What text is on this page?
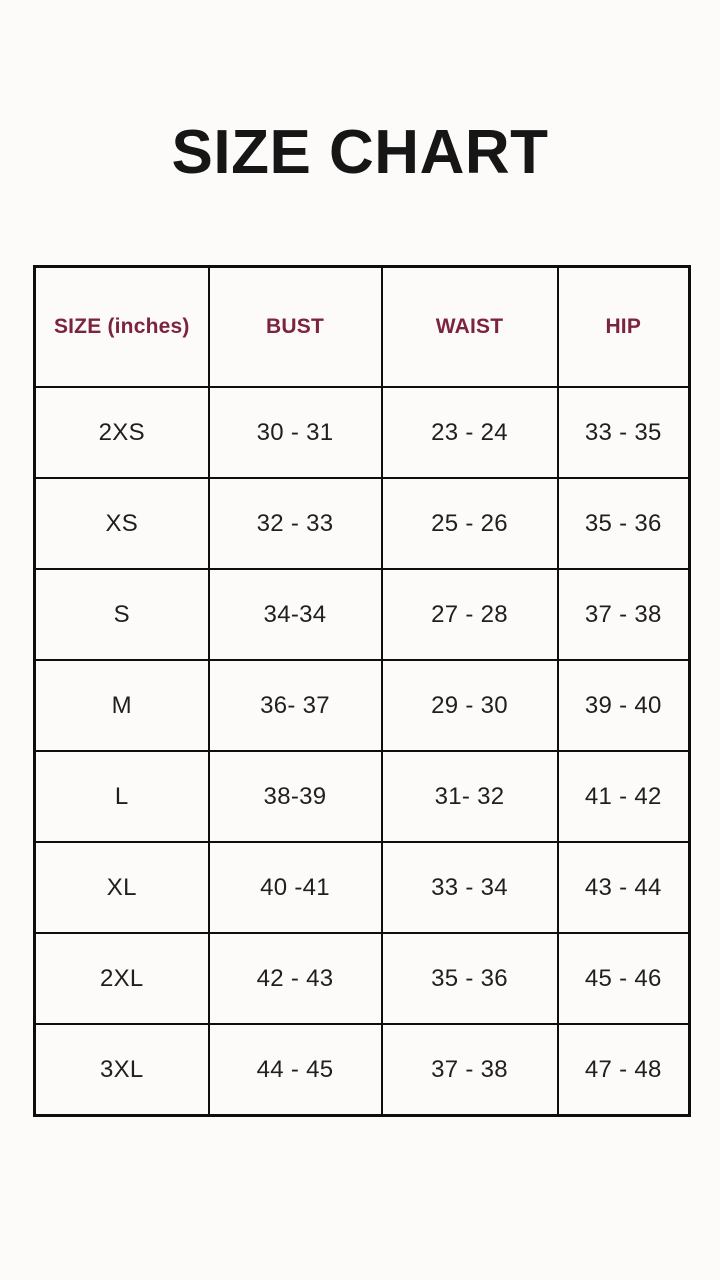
SIZE CHART
SIZE (inches)	BUST	WAIST	HIP
2XS	30 - 31	23 - 24	33 - 35
XS	32 - 33	25 - 26	35 - 36
S	34-34	27 - 28	37 - 38
M	36- 37	29 - 30	39 - 40
L	38-39	31- 32	41 - 42
XL	40 -41	33 - 34	43 - 44
2XL	42 - 43	35 - 36	45 - 46
3XL	44 - 45	37 - 38	47 - 48
